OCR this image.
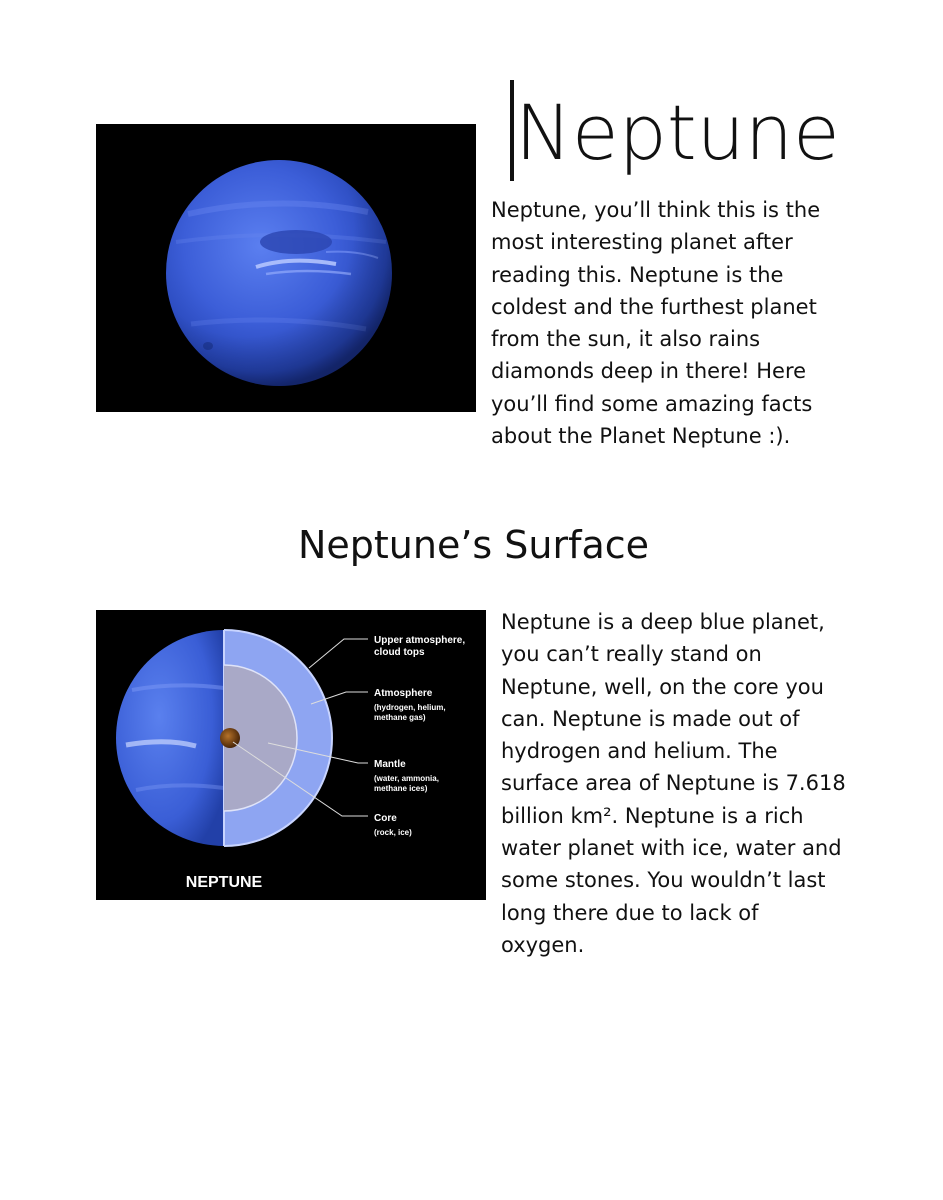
Neptune

Neptune, you’ll think this is the most interesting planet after reading this. Neptune is the coldest and the furthest planet from the sun, it also rains diamonds deep in there! Here you’ll find some amazing facts about the Planet Neptune :).

Neptune’s Surface
Upper atmosphere,
cloud tops
Atmosphere
(hydrogen, helium,
methane gas)
Mantle
(water, ammonia,
methane ices)
Core
(rock, ice)
NEPTUNE

Neptune is a deep blue planet, you can’t really stand on Neptune, well, on the core you can. Neptune is made out of hydrogen and helium. The surface area of Neptune is 7.618 billion km². Neptune is a rich water planet with ice, water and some stones. You wouldn’t last long there due to lack of oxygen.
